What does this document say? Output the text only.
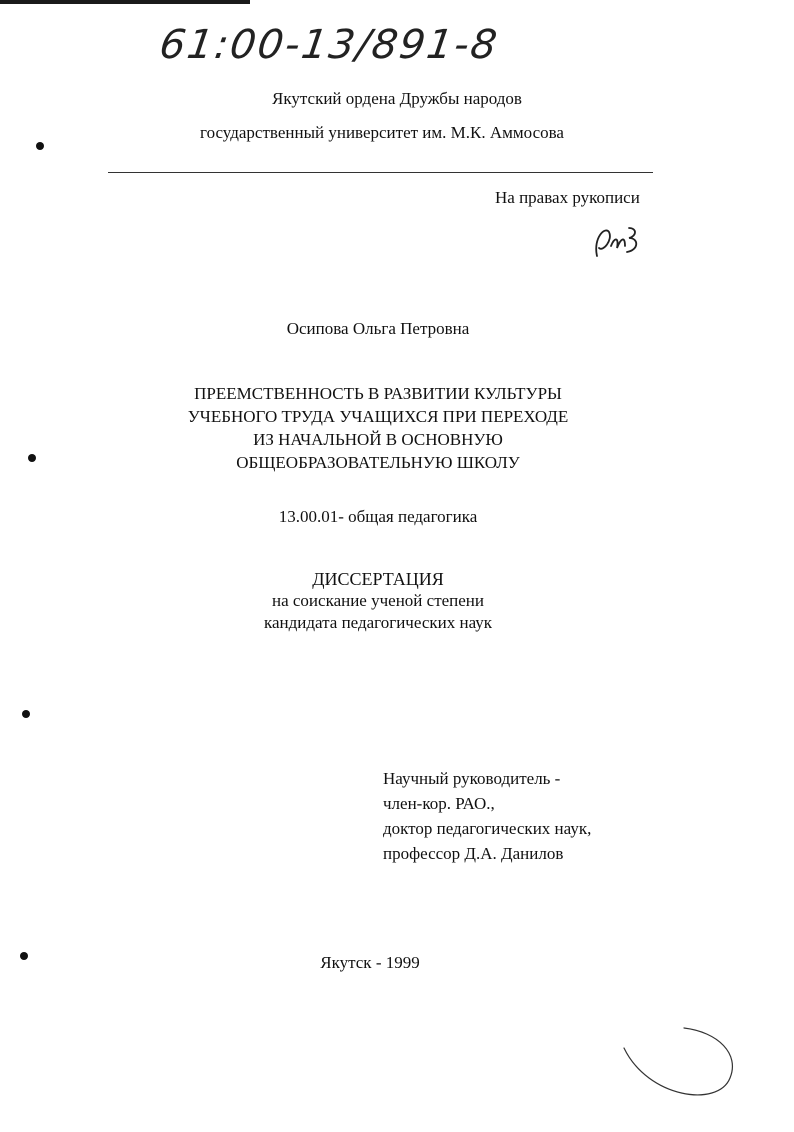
61:00-13/891-8
Якутский ордена Дружбы народов
государственный университет им. М.К. Аммосова
На правах рукописи
Осипова Ольга Петровна
ПРЕЕМСТВЕННОСТЬ В РАЗВИТИИ КУЛЬТУРЫ
УЧЕБНОГО ТРУДА УЧАЩИХСЯ ПРИ ПЕРЕХОДЕ
ИЗ НАЧАЛЬНОЙ В ОСНОВНУЮ
ОБЩЕОБРАЗОВАТЕЛЬНУЮ ШКОЛУ
13.00.01- общая педагогика
ДИССЕРТАЦИЯ
на соискание ученой степени
кандидата педагогических наук
Научный руководитель -
член-кор. РАО.,
доктор педагогических наук,
профессор Д.А. Данилов
Якутск - 1999
